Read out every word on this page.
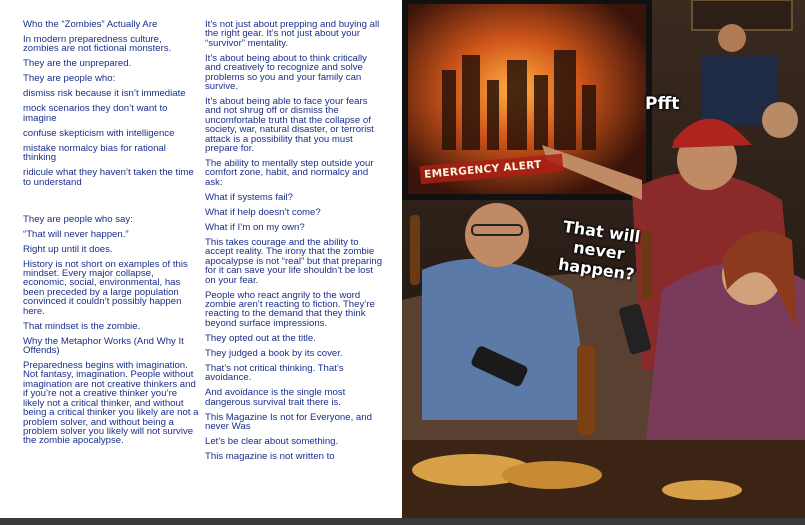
Who the “Zombies” Actually Are

In modern preparedness culture, zombies are not fictional monsters.

They are the unprepared.

They are people who:

dismiss risk because it isn’t immediate

mock scenarios they don’t want to imagine

confuse skepticism with intelligence

mistake normalcy bias for rational thinking

ridicule what they haven’t taken the time to understand

They are people who say:

“That will never happen.”

Right up until it does.

History is not short on examples of this mindset. Every major collapse, economic, social, environmental, has been preceded by a large population convinced it couldn’t possibly happen here.

That mindset is the zombie.

Why the Metaphor Works (And Why It Offends)

Preparedness begins with imagination. Not fantasy, imagination. People without imagination are not creative thinkers and if you’re not a creative thinker you’re likely not a critical thinker, and without being a critical thinker you likely are not a problem solver, and without being a problem solver you likely will not survive the zombie apocalypse.

It’s not just about prepping and buying all the right gear. It’s not just about your “survivor” mentality.

It’s about being about to think critically and creatively to recognize and solve problems so you and your family can survive.

It’s about being able to face your fears and not shrug off or dismiss the uncomfortable truth that the collapse of society, war, natural disaster, or terrorist attack is a possibility that you must prepare for.

The ability to mentally step outside your comfort zone, habit, and normalcy and ask:

What if systems fail?

What if help doesn’t come?

What if I’m on my own?

This takes courage and the ability to accept reality. The irony that the zombie apocalypse is not “real” but that preparing for it can save your life shouldn’t be lost on your fear.

People who react angrily to the word zombie aren’t reacting to fiction. They’re reacting to the demand that they think beyond surface impressions.

They opted out at the title.

They judged a book by its cover.

That’s not critical thinking. That’s avoidance.

And avoidance is the single most dangerous survival trait there is.

This Magazine Is not for Everyone, and never Was

Let’s be clear about something.

This magazine is not written to

EMERGENCY ALERT
Pfft
That will never happen?
